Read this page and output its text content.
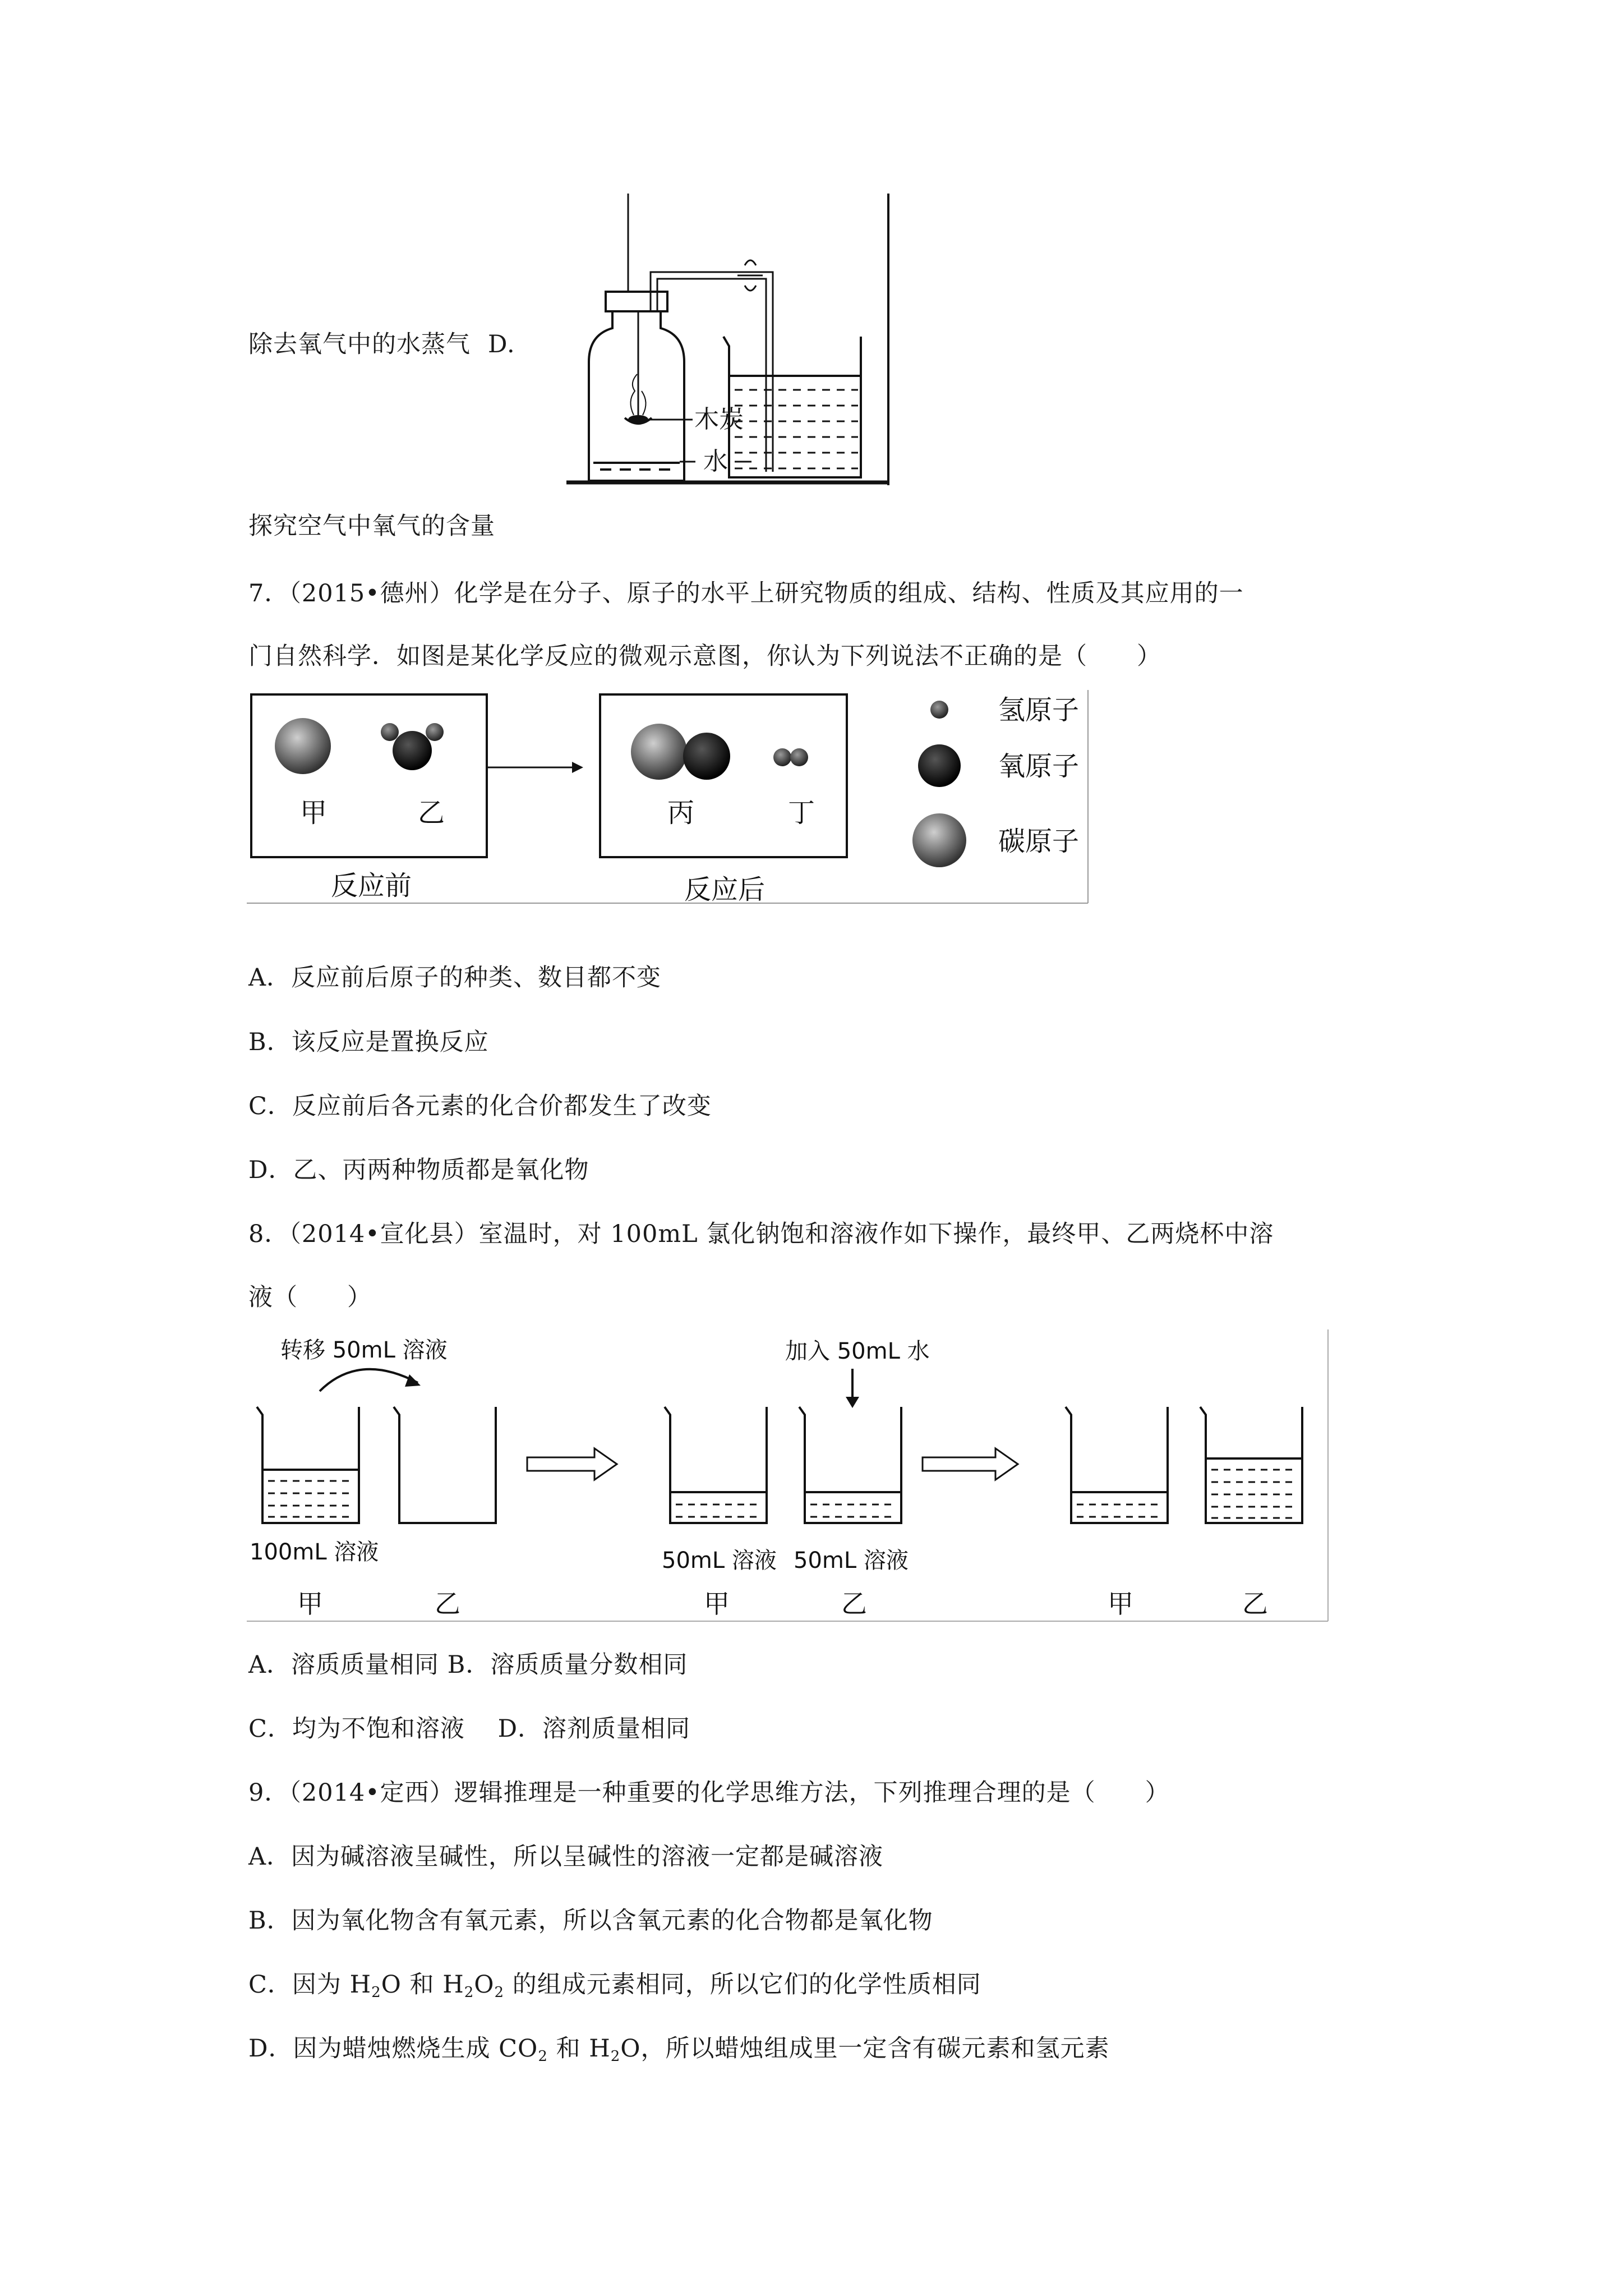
除去氧气中的水蒸气 D.
木炭
水
探究空气中氧气的含量
7．（2015•德州）化学是在分子、原子的水平上研究物质的组成、结构、性质及其应用的一
门自然科学．如图是某化学反应的微观示意图，你认为下列说法不正确的是（　　）
甲	乙
反应前
丙	丁
反应后
氢原子
氧原子
碳原子
A．反应前后原子的种类、数目都不变
B．该反应是置换反应
C．反应前后各元素的化合价都发生了改变
D．乙、丙两种物质都是氧化物
8．（2014•宣化县）室温时，对 100mL 氯化钠饱和溶液作如下操作，最终甲、乙两烧杯中溶
液（　　）
转移 50mL 溶液	加入 50mL 水
100mL 溶液	50mL 溶液 50mL 溶液
甲	乙	甲	乙	甲	乙
A．溶质质量相同 B．溶质质量分数相同
C．均为不饱和溶液　 D．溶剂质量相同
9．（2014•定西）逻辑推理是一种重要的化学思维方法，下列推理合理的是（　　）
A．因为碱溶液呈碱性，所以呈碱性的溶液一定都是碱溶液
B．因为氧化物含有氧元素，所以含氧元素的化合物都是氧化物
C．因为 $H_2O$ 和 $H_2O_2$ 的组成元素相同，所以它们的化学性质相同
D．因为蜡烛燃烧生成 $CO_2$ 和 $H_2O$，所以蜡烛组成里一定含有碳元素和氢元素
